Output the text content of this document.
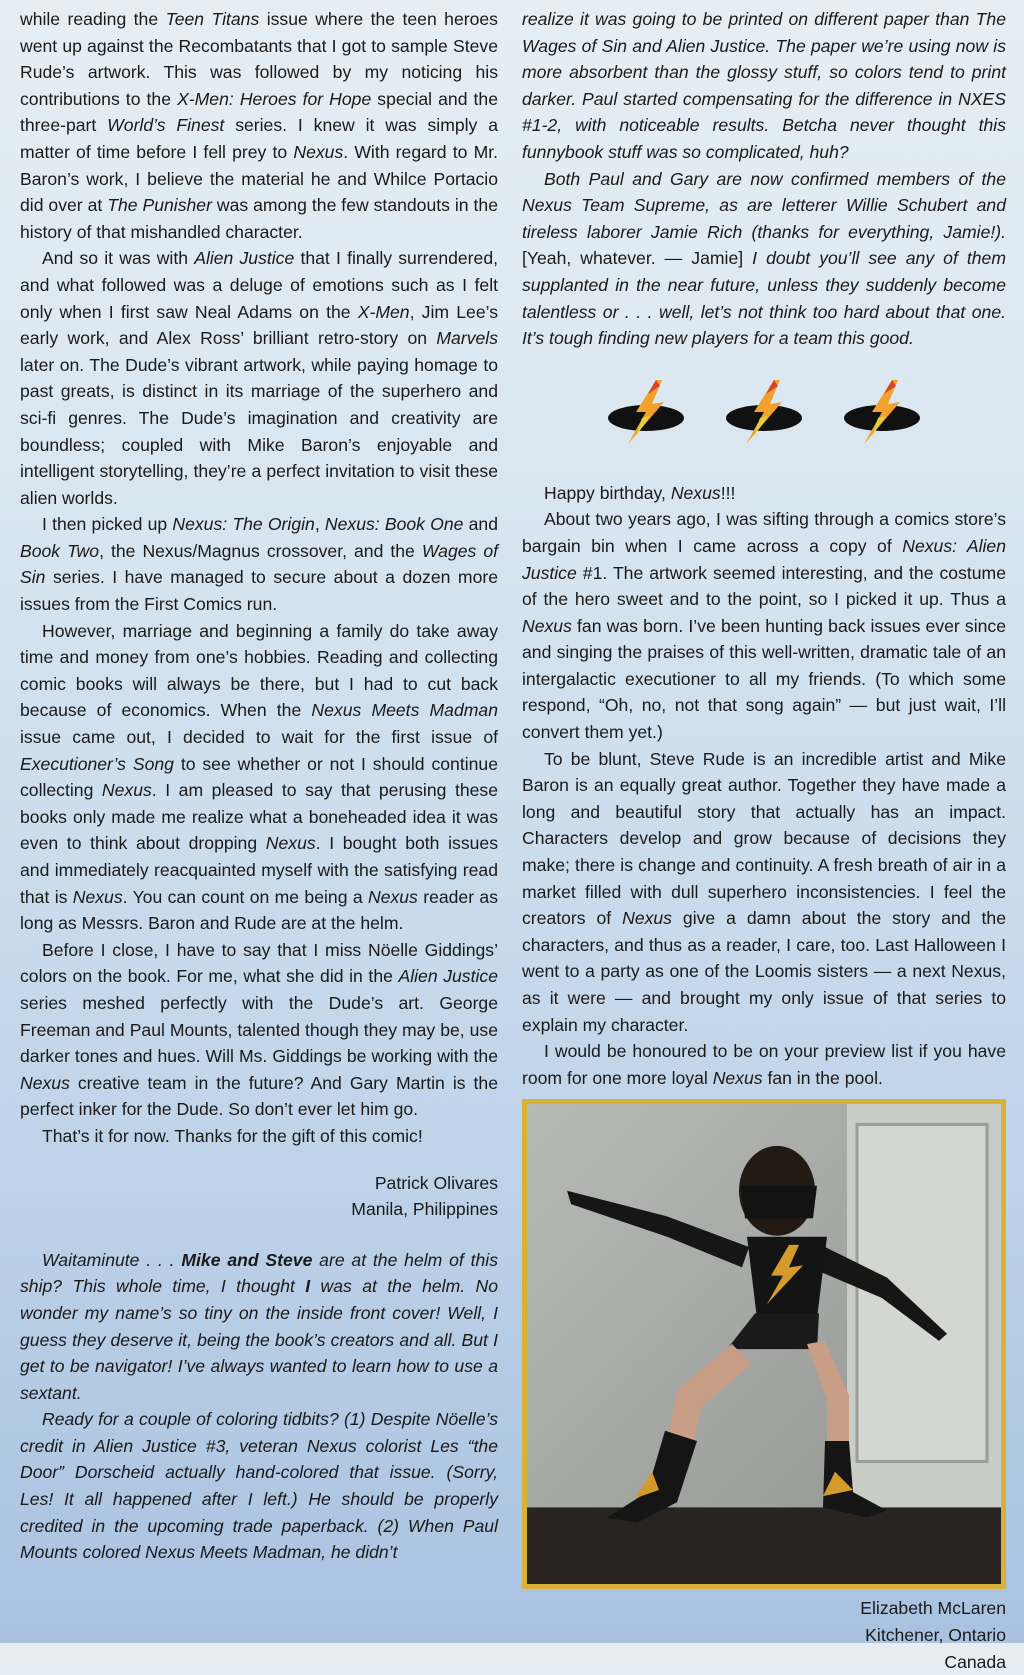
while reading the Teen Titans issue where the teen heroes went up against the Recombatants that I got to sample Steve Rude’s artwork. This was followed by my noticing his contributions to the X-Men: Heroes for Hope special and the three-part World’s Finest series. I knew it was simply a matter of time before I fell prey to Nexus. With regard to Mr. Baron’s work, I believe the material he and Whilce Portacio did over at The Punisher was among the few standouts in the history of that mishandled character.

And so it was with Alien Justice that I finally surrendered, and what followed was a deluge of emotions such as I felt only when I first saw Neal Adams on the X-Men, Jim Lee’s early work, and Alex Ross’ brilliant retro-story on Marvels later on. The Dude’s vibrant artwork, while paying homage to past greats, is distinct in its marriage of the superhero and sci-fi genres. The Dude’s imagination and creativity are boundless; coupled with Mike Baron’s enjoyable and intelligent storytelling, they’re a perfect invitation to visit these alien worlds.

I then picked up Nexus: The Origin, Nexus: Book One and Book Two, the Nexus/Magnus crossover, and the Wages of Sin series. I have managed to secure about a dozen more issues from the First Comics run.

However, marriage and beginning a family do take away time and money from one’s hobbies. Reading and collecting comic books will always be there, but I had to cut back because of economics. When the Nexus Meets Madman issue came out, I decided to wait for the first issue of Executioner’s Song to see whether or not I should continue collecting Nexus. I am pleased to say that perusing these books only made me realize what a boneheaded idea it was even to think about dropping Nexus. I bought both issues and immediately reacquainted myself with the satisfying read that is Nexus. You can count on me being a Nexus reader as long as Messrs. Baron and Rude are at the helm.

Before I close, I have to say that I miss Nöelle Giddings’ colors on the book. For me, what she did in the Alien Justice series meshed perfectly with the Dude’s art. George Freeman and Paul Mounts, talented though they may be, use darker tones and hues. Will Ms. Giddings be working with the Nexus creative team in the future? And Gary Martin is the perfect inker for the Dude. So don’t ever let him go.

That’s it for now. Thanks for the gift of this comic!

Patrick Olivares

Manila, Philippines

Waitaminute . . . Mike and Steve are at the helm of this ship? This whole time, I thought I was at the helm. No wonder my name’s so tiny on the inside front cover! Well, I guess they deserve it, being the book’s creators and all. But I get to be navigator! I’ve always wanted to learn how to use a sextant.

Ready for a couple of coloring tidbits? (1) Despite Nöelle’s credit in Alien Justice #3, veteran Nexus colorist Les “the Door” Dorscheid actually hand-colored that issue. (Sorry, Les! It all happened after I left.) He should be properly credited in the upcoming trade paperback. (2) When Paul Mounts colored Nexus Meets Madman, he didn’t

realize it was going to be printed on different paper than The Wages of Sin and Alien Justice. The paper we’re using now is more absorbent than the glossy stuff, so colors tend to print darker. Paul started compensating for the difference in NXES #1-2, with noticeable results. Betcha never thought this funnybook stuff was so complicated, huh?

Both Paul and Gary are now confirmed members of the Nexus Team Supreme, as are letterer Willie Schubert and tireless laborer Jamie Rich (thanks for everything, Jamie!). [Yeah, whatever. — Jamie] I doubt you’ll see any of them supplanted in the near future, unless they suddenly become talentless or . . . well, let’s not think too hard about that one. It’s tough finding new players for a team this good.

Happy birthday, Nexus!!!

About two years ago, I was sifting through a comics store’s bargain bin when I came across a copy of Nexus: Alien Justice #1. The artwork seemed interesting, and the costume of the hero sweet and to the point, so I picked it up. Thus a Nexus fan was born. I’ve been hunting back issues ever since and singing the praises of this well-written, dramatic tale of an intergalactic executioner to all my friends. (To which some respond, “Oh, no, not that song again” — but just wait, I’ll convert them yet.)

To be blunt, Steve Rude is an incredible artist and Mike Baron is an equally great author. Together they have made a long and beautiful story that actually has an impact. Characters develop and grow because of decisions they make; there is change and continuity. A fresh breath of air in a market filled with dull superhero inconsistencies. I feel the creators of Nexus give a damn about the story and the characters, and thus as a reader, I care, too. Last Halloween I went to a party as one of the Loomis sisters — a next Nexus, as it were — and brought my only issue of that series to explain my character.

I would be honoured to be on your preview list if you have room for one more loyal Nexus fan in the pool.

Elizabeth McLaren

Kitchener, Ontario

Canada
